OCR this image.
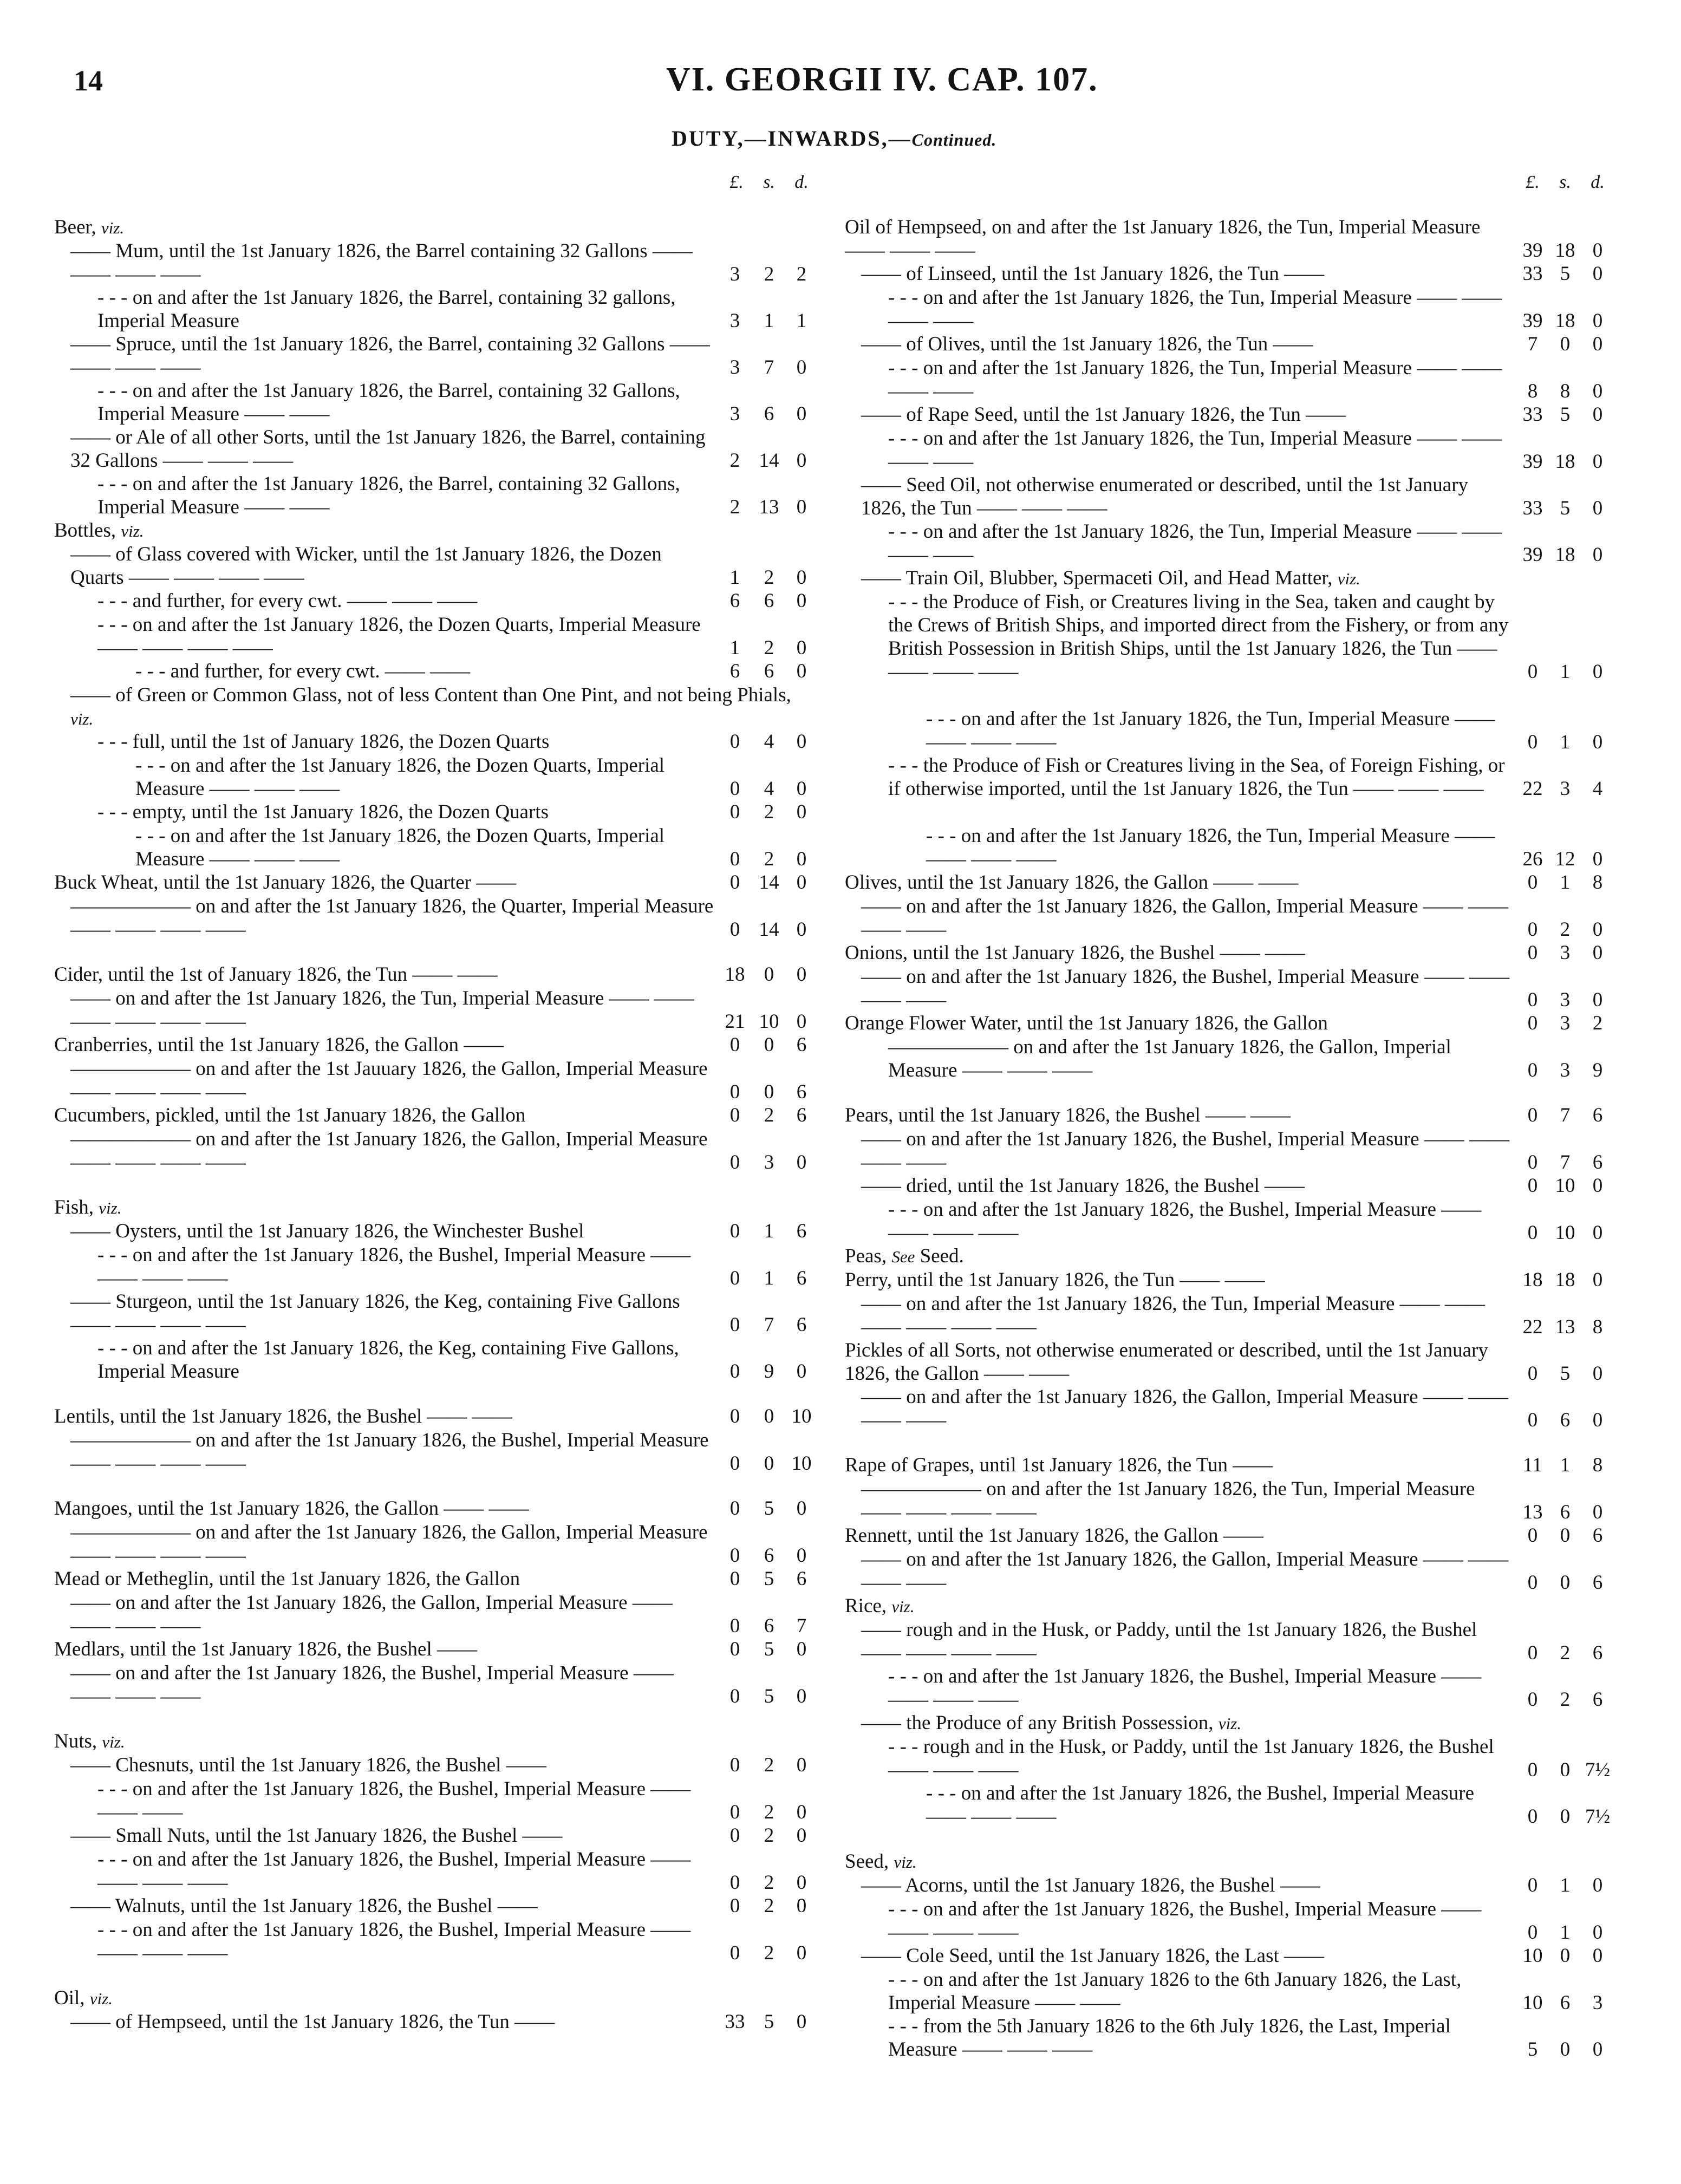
14	VI. GEORGII IV. CAP. 107.
DUTY,—INWARDS,—Continued.
£.	s.	d.
Beer, viz.
—— Mum, until the 1st January 1826, the Barrel containing 32 Gallons —— —— —— ——	3	2	2
- - - on and after the 1st January 1826, the Barrel, containing 32 gallons, Imperial Measure	3	1	1
—— Spruce, until the 1st January 1826, the Barrel, containing 32 Gallons —— —— —— ——	3	7	0
- - - on and after the 1st January 1826, the Barrel, containing 32 Gallons, Imperial Measure —— ——	3	6	0
—— or Ale of all other Sorts, until the 1st January 1826, the Barrel, containing 32 Gallons —— —— ——	2 14 0
- - - on and after the 1st January 1826, the Barrel, containing 32 Gallons, Imperial Measure —— ——	2 13 0
Bottles, viz.
—— of Glass covered with Wicker, until the 1st January 1826, the Dozen Quarts —— —— —— ——	1	2	0
- - - and further, for every cwt. —— —— ——	6	6	0
- - - on and after the 1st January 1826, the Dozen Quarts, Imperial Measure —— —— —— ——	1	2	0
- - - and further, for every cwt. —— ——	6	6	0
—— of Green or Common Glass, not of less Content than One Pint, and not being Phials, viz.
- - - full, until the 1st of January 1826, the Dozen Quarts	0	4	0
- - - on and after the 1st January 1826, the Dozen Quarts, Imperial Measure —— —— ——	0	4	0
- - - empty, until the 1st January 1826, the Dozen Quarts	0	2	0
- - - on and after the 1st January 1826, the Dozen Quarts, Imperial Measure —— —— ——	0	2	0
Buck Wheat, until the 1st January 1826, the Quarter ——	0 14 0
—————— on and after the 1st January 1826, the Quarter, Imperial Measure —— —— —— ——	0 14 0
Cider, until the 1st of January 1826, the Tun —— ——	18 0	0
—— on and after the 1st January 1826, the Tun, Imperial Measure —— —— —— —— —— ——	21 10 0
Cranberries, until the 1st January 1826, the Gallon ——	0	0	6
—————— on and after the 1st Jauuary 1826, the Gallon, Imperial Measure —— —— —— ——	0	0	6
Cucumbers, pickled, until the 1st January 1826, the Gallon	0	2	6
—————— on and after the 1st January 1826, the Gallon, Imperial Measure —— —— —— ——	0	3	0
Fish, viz.
—— Oysters, until the 1st January 1826, the Winchester Bushel	0	1	6
- - - on and after the 1st January 1826, the Bushel, Imperial Measure —— —— —— ——	0	1	6
—— Sturgeon, until the 1st January 1826, the Keg, containing Five Gallons —— —— —— ——	0	7	6
- - - on and after the 1st January 1826, the Keg, containing Five Gallons, Imperial Measure	0	9	0
Lentils, until the 1st January 1826, the Bushel —— ——	0	0 10
—————— on and after the 1st January 1826, the Bushel, Imperial Measure —— —— —— ——	0	0 10
Mangoes, until the 1st January 1826, the Gallon —— ——	0	5	0
—————— on and after the 1st January 1826, the Gallon, Imperial Measure —— —— —— ——	0	6	0
Mead or Metheglin, until the 1st January 1826, the Gallon	0	5	6
—— on and after the 1st January 1826, the Gallon, Imperial Measure —— —— —— ——	0	6	7
Medlars, until the 1st January 1826, the Bushel ——	0	5	0
—— on and after the 1st January 1826, the Bushel, Imperial Measure —— —— —— ——	0	5	0
Nuts, viz.
—— Chesnuts, until the 1st January 1826, the Bushel ——	0	2	0
- - - on and after the 1st January 1826, the Bushel, Imperial Measure —— —— ——	0	2	0
—— Small Nuts, until the 1st January 1826, the Bushel ——	0	2	0
- - - on and after the 1st January 1826, the Bushel, Imperial Measure —— —— —— ——	0	2	0
—— Walnuts, until the 1st January 1826, the Bushel ——	0	2	0
- - - on and after the 1st January 1826, the Bushel, Imperial Measure —— —— —— ——	0	2	0
Oil, viz.
—— of Hempseed, until the 1st January 1826, the Tun ——	33 5	0
£.	s.	d.
Oil of Hempseed, on and after the 1st January 1826, the Tun, Imperial Measure —— —— ——	39 18 0
—— of Linseed, until the 1st January 1826, the Tun ——	33 5	0
- - - on and after the 1st January 1826, the Tun, Imperial Measure —— —— —— ——	39 18 0
—— of Olives, until the 1st January 1826, the Tun ——	7	0	0
- - - on and after the 1st January 1826, the Tun, Imperial Measure —— —— —— ——	8	8	0
—— of Rape Seed, until the 1st January 1826, the Tun ——	33 5	0
- - - on and after the 1st January 1826, the Tun, Imperial Measure —— —— —— ——	39 18 0
—— Seed Oil, not otherwise enumerated or described, until the 1st January 1826, the Tun —— —— ——	33 5	0
- - - on and after the 1st January 1826, the Tun, Imperial Measure —— —— —— ——	39 18 0
—— Train Oil, Blubber, Spermaceti Oil, and Head Matter, viz.
- - - the Produce of Fish, or Creatures living in the Sea, taken and caught by the Crews of British Ships, and imported direct from the Fishery, or from any British Possession in British Ships, until the 1st January 1826, the Tun —— —— —— ——	0	1	0
- - - on and after the 1st January 1826, the Tun, Imperial Measure —— —— —— ——	0	1	0
- - - the Produce of Fish or Creatures living in the Sea, of Foreign Fishing, or if otherwise imported, until the 1st January 1826, the Tun —— —— ——	22 3	4
- - - on and after the 1st January 1826, the Tun, Imperial Measure —— —— —— ——	26 12 0
Olives, until the 1st January 1826, the Gallon —— ——	0	1	8
—— on and after the 1st January 1826, the Gallon, Imperial Measure —— —— —— ——	0	2	0
Onions, until the 1st January 1826, the Bushel —— ——	0	3	0
—— on and after the 1st January 1826, the Bushel, Imperial Measure —— —— —— ——	0	3	0
Orange Flower Water, until the 1st January 1826, the Gallon	0	3	2
—————— on and after the 1st January 1826, the Gallon, Imperial Measure —— —— ——	0	3	9
Pears, until the 1st January 1826, the Bushel —— ——	0	7	6
—— on and after the 1st January 1826, the Bushel, Imperial Measure —— —— —— ——	0	7	6
—— dried, until the 1st January 1826, the Bushel ——	0 10 0
- - - on and after the 1st January 1826, the Bushel, Imperial Measure —— —— —— ——	0 10 0
Peas, See Seed.
Perry, until the 1st January 1826, the Tun —— ——	18 18 0
—— on and after the 1st January 1826, the Tun, Imperial Measure —— —— —— —— —— ——	22 13 8
Pickles of all Sorts, not otherwise enumerated or described, until the 1st January 1826, the Gallon —— ——	0	5	0
—— on and after the 1st January 1826, the Gallon, Imperial Measure —— —— —— ——	0	6	0
Rape of Grapes, until 1st January 1826, the Tun ——	11 1	8
—————— on and after the 1st January 1826, the Tun, Imperial Measure —— —— —— ——	13 6	0
Rennett, until the 1st January 1826, the Gallon ——	0	0	6
—— on and after the 1st January 1826, the Gallon, Imperial Measure —— —— —— ——	0	0	6
Rice, viz.
—— rough and in the Husk, or Paddy, until the 1st January 1826, the Bushel —— —— —— ——	0	2	6
- - - on and after the 1st January 1826, the Bushel, Imperial Measure —— —— —— ——	0	2	6
—— the Produce of any British Possession, viz.
- - - rough and in the Husk, or Paddy, until the 1st January 1826, the Bushel —— —— ——	0	0 7½
- - - on and after the 1st January 1826, the Bushel, Imperial Measure —— —— ——	0	0 7½
Seed, viz.
—— Acorns, until the 1st January 1826, the Bushel ——	0	1	0
- - - on and after the 1st January 1826, the Bushel, Imperial Measure —— —— —— ——	0	1	0
—— Cole Seed, until the 1st January 1826, the Last ——	10 0	0
- - - on and after the 1st January 1826 to the 6th January 1826, the Last, Imperial Measure —— ——	10 6	3
- - - from the 5th January 1826 to the 6th July 1826, the Last, Imperial Measure —— —— ——	5	0	0
